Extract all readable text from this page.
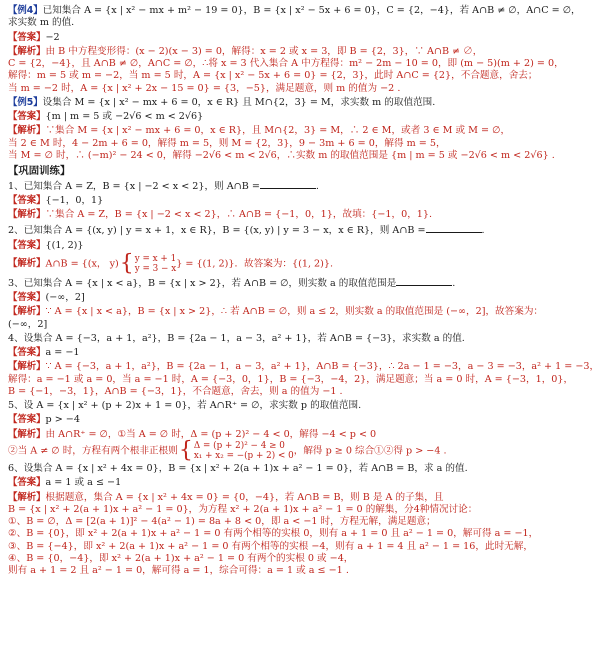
【例4】已知集合 A = {x | x² − mx + m² − 19 = 0}，B = {x | x² − 5x + 6 = 0}，C = {2，−4}，若 A∩B ≠ ∅，A∩C = ∅，
求实数 m 的值.
【答案】−2
【解析】由 B 中方程变形得：(x − 2)(x − 3) = 0，解得：x = 2 或 x = 3，即 B = {2，3}，∵ A∩B ≠ ∅，
C = {2，−4}，且 A∩B ≠ ∅，A∩C = ∅，∴将 x = 3 代入集合 A 中方程得：m² − 2m − 10 = 0，即 (m − 5)(m + 2) = 0，
解得：m = 5 或 m = −2，当 m = 5 时，A = {x | x² − 5x + 6 = 0} = {2，3}，此时 A∩C = {2}，不合题意，舍去；
当 m = −2 时，A = {x | x² + 2x − 15 = 0} = {3，−5}，满足题意，则 m 的值为 −2 .
【例5】设集合 M = {x | x² − mx + 6 = 0，x ∈ R} 且 M∩{2，3} = M，求实数 m 的取值范围.
【答案】{m | m = 5 或 −2√6 < m < 2√6}
【解析】∵集合 M = {x | x² − mx + 6 = 0，x ∈ R}，且 M∩{2，3} = M，∴ 2 ∈ M，或者 3 ∈ M 或 M = ∅，
当 2 ∈ M 时，4 − 2m + 6 = 0，解得 m = 5，则 M = {2，3}，9 − 3m + 6 = 0，解得 m = 5，
当 M = ∅ 时，∴ (−m)² − 24 < 0，解得 −2√6 < m < 2√6，∴实数 m 的取值范围是 {m | m = 5 或 −2√6 < m < 2√6} .
【巩固训练】
1、已知集合 A = Z，B = {x | −2 < x < 2}，则 A∩B =	.
【答案】{−1，0，1}
【解析】∵集合 A = Z，B = {x | −2 < x < 2}，∴ A∩B = {−1，0，1}，故填：{−1，0，1}.
2、已知集合 A = {(x, y) | y = x + 1，x ∈ R}，B = {(x, y) | y = 3 − x，x ∈ R}，则 A∩B =	.
【答案】{(1, 2)}
【解析】A∩B = {(x， y){y = x + 1
y = 3 − x} = {(1, 2)}．故答案为：{(1, 2)}.
3、已知集合 A = {x | x < a}，B = {x | x > 2}，若 A∩B = ∅，则实数 a 的取值范围是	.
【答案】(−∞，2]
【解析】∵ A = {x | x < a}，B = {x | x > 2}，∴ 若 A∩B = ∅，则 a ≤ 2，则实数 a 的取值范围是 (−∞，2]，故答案为：
(−∞，2]
4、设集合 A = {−3，a + 1，a²}，B = {2a − 1，a − 3，a² + 1}，若 A∩B = {−3}，求实数 a 的值.
【答案】a = −1
【解析】∵ A = {−3，a + 1，a²}，B = {2a − 1，a − 3，a² + 1}，A∩B = {−3}，∴ 2a − 1 = −3，a − 3 = −3，a² + 1 = −3，
解得：a = −1 或 a = 0，当 a = −1 时，A = {−3，0，1}，B = {−3，−4，2}，满足题意；当 a = 0 时，A = {−3，1，0}，
B = {−1，−3，1}，A∩B = {−3，1}，不合题意，舍去，则 a 的值为 −1 .
5、设 A = {x | x² + (p + 2)x + 1 = 0}，若 A∩R⁺ = ∅，求实数 p 的取值范围.
【答案】p > −4
【解析】由 A∩R⁺ = ∅，①当 A = ∅ 时，Δ = (p + 2)² − 4 < 0，解得 −4 < p < 0
②当 A ≠ ∅ 时，方程有两个根非正根则{Δ = (p + 2)² − 4 ≥ 0
x₁ + x₂ = −(p + 2) < 0，解得 p ≥ 0 综合①②得 p > −4 .
6、设集合 A = {x | x² + 4x = 0}，B = {x | x² + 2(a + 1)x + a² − 1 = 0}，若 A∩B = B，求 a 的值.
【答案】a = 1 或 a ≤ −1
【解析】根据题意，集合 A = {x | x² + 4x = 0} = {0，−4}，若 A∩B = B，则 B 是 A 的子集，且
B = {x | x² + 2(a + 1)x + a² − 1 = 0}，为方程 x² + 2(a + 1)x + a² − 1 = 0 的解集，分4种情况讨论：
①、B = ∅，Δ = [2(a + 1)]² − 4(a² − 1) = 8a + 8 < 0，即 a < −1 时，方程无解，满足题意；
②、B = {0}，即 x² + 2(a + 1)x + a² − 1 = 0 有两个相等的实根 0，则有 a + 1 = 0 且 a² − 1 = 0，解可得 a = −1，
③、B = {−4}，即 x² + 2(a + 1)x + a² − 1 = 0 有两个相等的实根 −4，则有 a + 1 = 4 且 a² − 1 = 16，此时无解，
④、B = {0，−4}，即 x² + 2(a + 1)x + a² − 1 = 0 有两个的实根 0 或 −4，
则有 a + 1 = 2 且 a² − 1 = 0，解可得 a = 1，综合可得：a = 1 或 a ≤ −1 .
